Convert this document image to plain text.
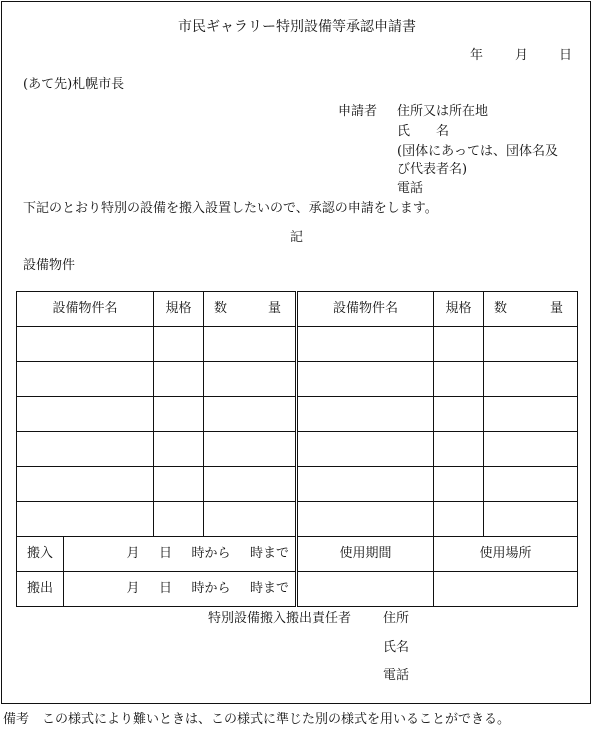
市民ギャラリー特別設備等承認申請書
年 月 日
(あて先)札幌市長
申請者 住所又は所在地
氏　　名
(団体にあっては、団体名及
び代表者名)
電話
下記のとおり特別の設備を搬入設置したいので、承認の申請をします。
記
設備物件
設備物件名		規格	数 量	設備物件名	規格	数 量

搬入	月   日   時から   時まで			使用期間	使用場所	
搬出	月   日   時から   時まで					
特別設備搬入搬出責任者 住所
氏名
電話
備考　この様式により難いときは、この様式に準じた別の様式を用いることができる。
